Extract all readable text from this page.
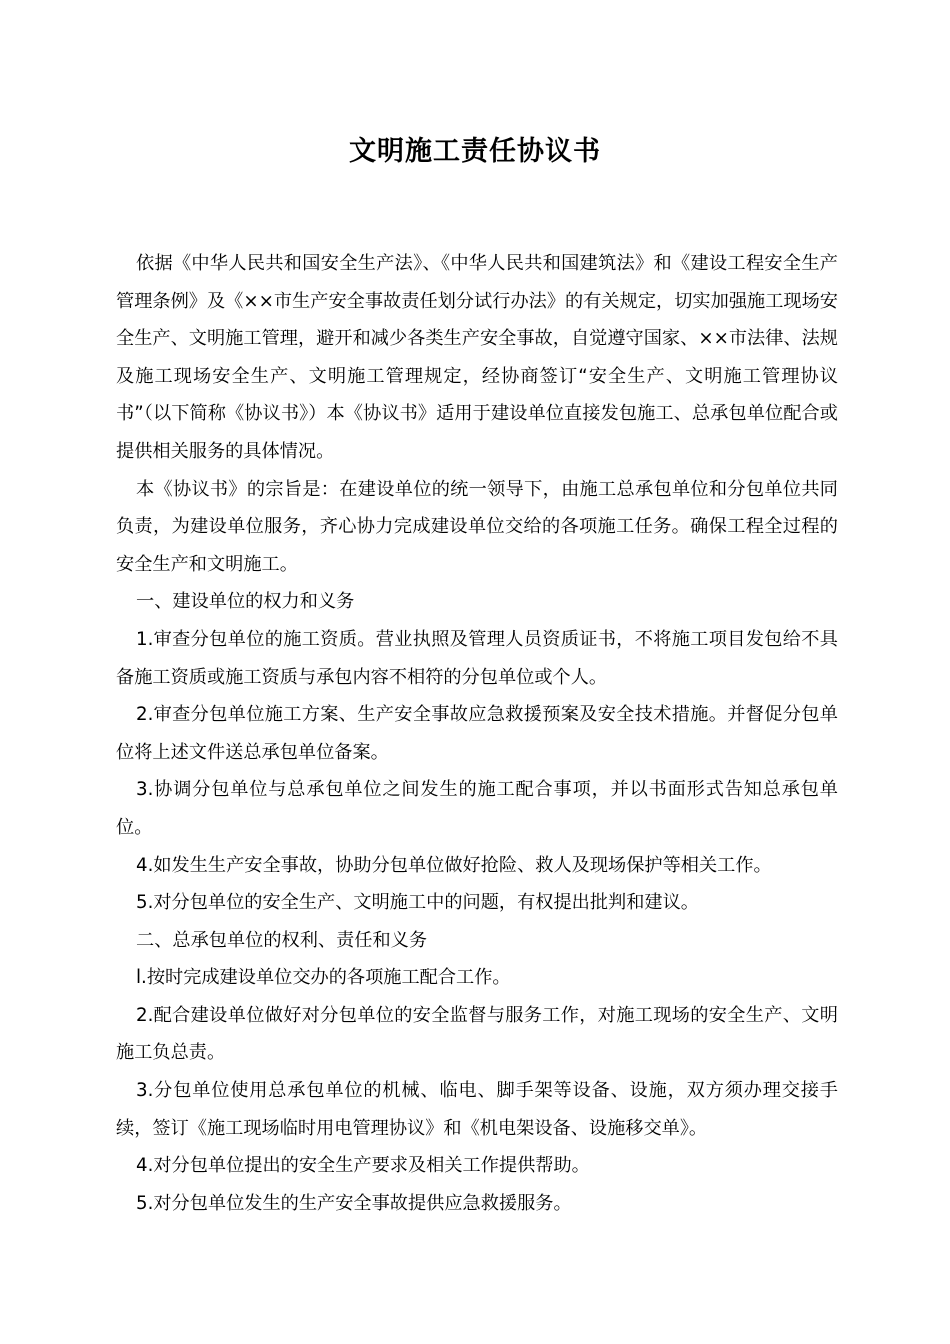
文明施工责任协议书

依据《中华人民共和国安全生产法》、《中华人民共和国建筑法》和《建设工程安全生产管理条例》及《××市生产安全事故责任划分试行办法》的有关规定，切实加强施工现场安全生产、文明施工管理，避开和减少各类生产安全事故，自觉遵守国家、××市法律、法规及施工现场安全生产、文明施工管理规定，经协商签订“安全生产、文明施工管理协议书”（以下简称《协议书》）本《协议书》适用于建设单位直接发包施工、总承包单位配合或提供相关服务的具体情况。

本《协议书》的宗旨是：在建设单位的统一领导下，由施工总承包单位和分包单位共同负责，为建设单位服务，齐心协力完成建设单位交给的各项施工任务。确保工程全过程的安全生产和文明施工。

一、建设单位的权力和义务

1.审查分包单位的施工资质。营业执照及管理人员资质证书，不将施工项目发包给不具备施工资质或施工资质与承包内容不相符的分包单位或个人。

2.审查分包单位施工方案、生产安全事故应急救援预案及安全技术措施。并督促分包单位将上述文件送总承包单位备案。

3.协调分包单位与总承包单位之间发生的施工配合事项，并以书面形式告知总承包单位。

4.如发生生产安全事故，协助分包单位做好抢险、救人及现场保护等相关工作。

5.对分包单位的安全生产、文明施工中的问题，有权提出批判和建议。

二、总承包单位的权利、责任和义务

l.按时完成建设单位交办的各项施工配合工作。

2.配合建设单位做好对分包单位的安全监督与服务工作，对施工现场的安全生产、文明施工负总责。

3.分包单位使用总承包单位的机械、临电、脚手架等设备、设施，双方须办理交接手续，签订《施工现场临时用电管理协议》和《机电架设备、设施移交单》。

4.对分包单位提出的安全生产要求及相关工作提供帮助。

5.对分包单位发生的生产安全事故提供应急救援服务。
